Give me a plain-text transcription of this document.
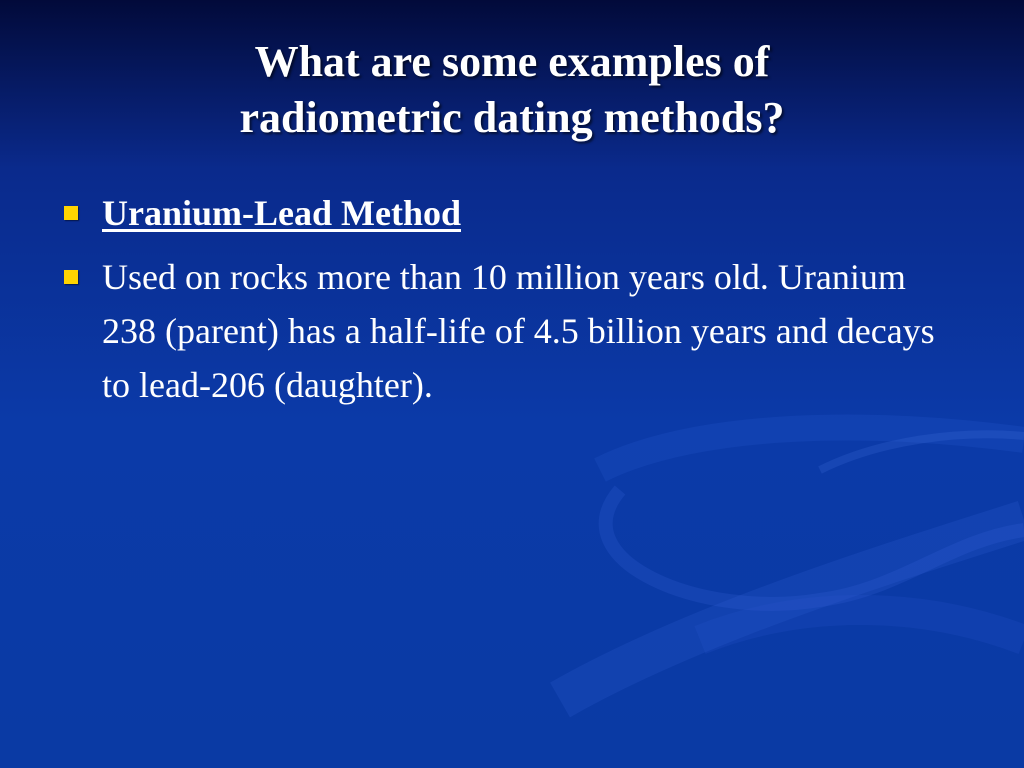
What are some examples of
radiometric dating methods?
Uranium-Lead Method
Used on rocks more than 10 million years old. Uranium 238 (parent) has a half-life of 4.5 billion years and decays to lead-206 (daughter).
